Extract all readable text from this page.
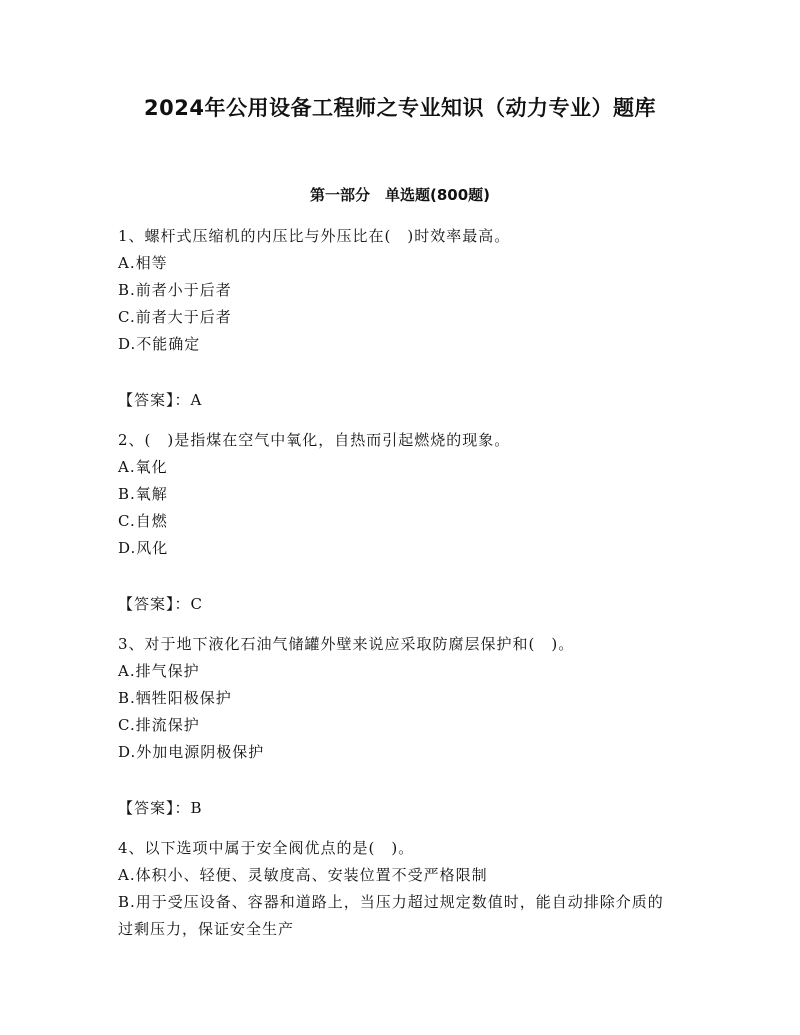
2024年公用设备工程师之专业知识（动力专业）题库
第一部分　单选题(800题)
1、螺杆式压缩机的内压比与外压比在(　)时效率最高。
A.相等
B.前者小于后者
C.前者大于后者
D.不能确定
【答案】：A
2、(　)是指煤在空气中氧化，自热而引起燃烧的现象。
A.氧化
B.氧解
C.自燃
D.风化
【答案】：C
3、对于地下液化石油气储罐外壁来说应采取防腐层保护和(　)。
A.排气保护
B.牺牲阳极保护
C.排流保护
D.外加电源阴极保护
【答案】：B
4、以下选项中属于安全阀优点的是(　)。
A.体积小、轻便、灵敏度高、安装位置不受严格限制
B.用于受压设备、容器和道路上，当压力超过规定数值时，能自动排除介质的过剩压力，保证安全生产
